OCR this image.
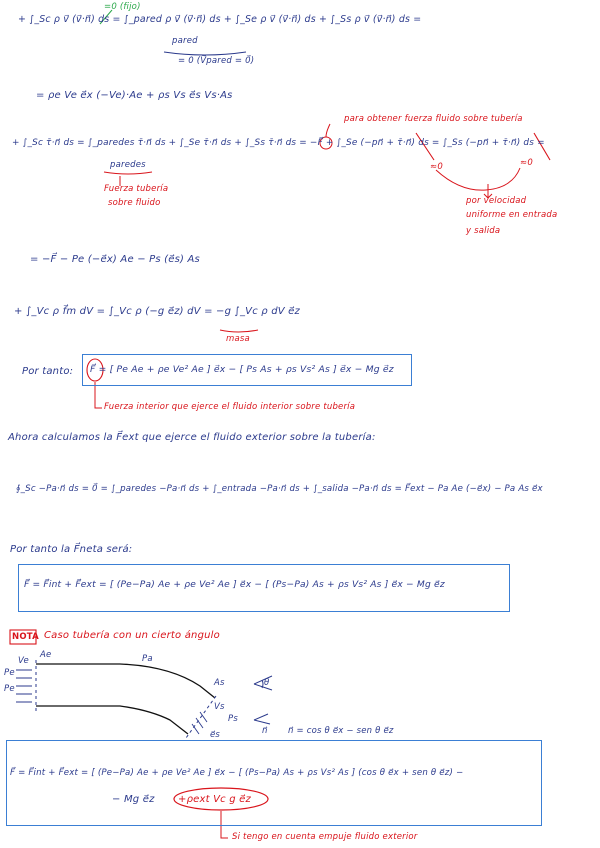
+ ∫_Sc ρ v⃗ (v⃗·n⃗) ds = ∫_pared ρ v⃗ (v⃗·n⃗) ds + ∫_Se ρ v⃗ (v⃗·n⃗) ds + ∫_Ss ρ v⃗ (v⃗·n⃗) ds =
=0 (fijo)
pared
= 0 (V⃗pared = 0⃗)
= ρe Ve e⃗x (−Ve)·Ae + ρs Vs e⃗s Vs·As
para obtener fuerza fluido sobre tubería
+ ∫_Sc τ̄·n⃗ ds = ∫_paredes τ̄·n⃗ ds + ∫_Se τ̄·n⃗ ds + ∫_Ss τ̄·n⃗ ds = −F⃗ + ∫_Se (−pn⃗ + τ̄·n⃗) ds = ∫_Ss (−pn⃗ + τ̄·n⃗) ds =
paredes	≈0	≈0
Fuerza tubería
sobre fluido	por velocidad
uniforme en entrada
y salida
= −F⃗ − Pe (−e⃗x) Ae − Ps (e⃗s) As
+ ∫_Vc ρ f⃗m dV = ∫_Vc ρ (−g e⃗z) dV = −g ∫_Vc ρ dV e⃗z
masa
Por tanto: F⃗ = [ Pe Ae + ρe Ve² Ae ] e⃗x − [ Ps As + ρs Vs² As ] e⃗x − Mg e⃗z
Fuerza interior que ejerce el fluido interior sobre tubería
Ahora calculamos la F⃗ext que ejerce el fluido exterior sobre la tubería:
∮_Sc −Pa·n⃗ ds = 0⃗ = ∫_paredes −Pa·n⃗ ds + ∫_entrada −Pa·n⃗ ds + ∫_salida −Pa·n⃗ ds = F⃗ext − Pa Ae (−e⃗x) − Pa As e⃗x
Por tanto la F⃗neta será:
F⃗ = F⃗int + F⃗ext = [ (Pe−Pa) Ae + ρe Ve² Ae ] e⃗x − [ (Ps−Pa) As + ρs Vs² As ] e⃗x − Mg e⃗z
NOTA Caso tubería con un cierto ángulo
Ve
Ae
Pe
Pe
Pa
As
Vs
Ps
e⃗s
θ
n⃗ n⃗ = cos θ e⃗x − sen θ e⃗z
F⃗ = F⃗int + F⃗ext = [ (Pe−Pa) Ae + ρe Ve² Ae ] e⃗x − [ (Ps−Pa) As + ρs Vs² As ] (cos θ e⃗x + sen θ e⃗z) −
− Mg e⃗z +ρext Vc g e⃗z
Si tengo en cuenta empuje fluido exterior
